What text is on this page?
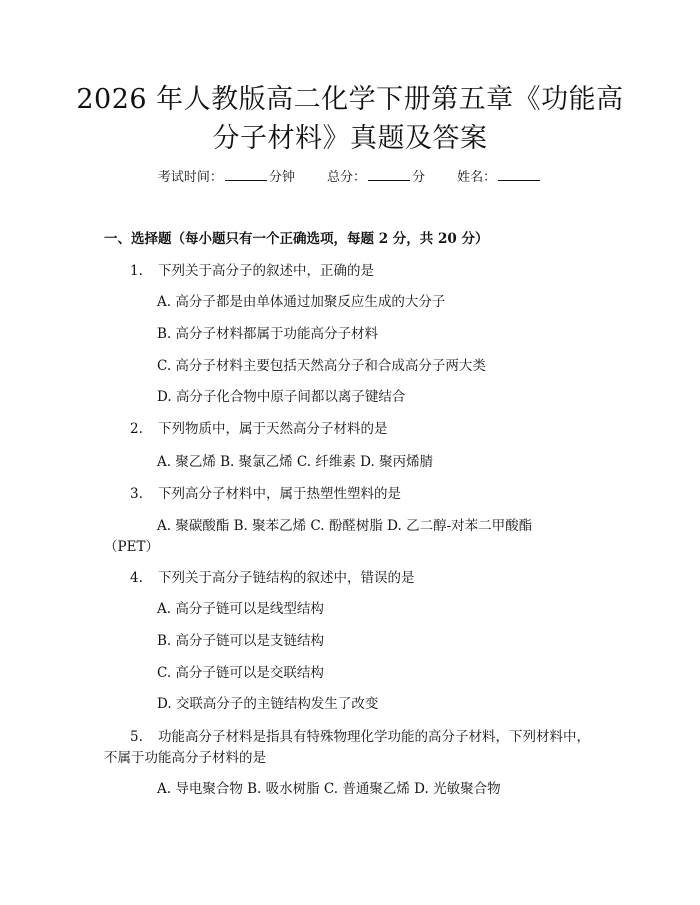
2026 年人教版高二化学下册第五章《功能高
分子材料》真题及答案
考试时间：	分钟 总分：	分 姓名：
一、选择题（每小题只有一个正确选项，每题 2 分，共 20 分）
1. 下列关于高分子的叙述中，正确的是
A. 高分子都是由单体通过加聚反应生成的大分子
B. 高分子材料都属于功能高分子材料
C. 高分子材料主要包括天然高分子和合成高分子两大类
D. 高分子化合物中原子间都以离子键结合
2. 下列物质中，属于天然高分子材料的是
A. 聚乙烯 B. 聚氯乙烯 C. 纤维素 D. 聚丙烯腈
3. 下列高分子材料中，属于热塑性塑料的是
A. 聚碳酸酯 B. 聚苯乙烯 C. 酚醛树脂 D. 乙二醇-对苯二甲酸酯
（PET）
4. 下列关于高分子链结构的叙述中，错误的是
A. 高分子链可以是线型结构
B. 高分子链可以是支链结构
C. 高分子链可以是交联结构
D. 交联高分子的主链结构发生了改变
5. 功能高分子材料是指具有特殊物理化学功能的高分子材料，下列材料中，
不属于功能高分子材料的是
A. 导电聚合物 B. 吸水树脂 C. 普通聚乙烯 D. 光敏聚合物
